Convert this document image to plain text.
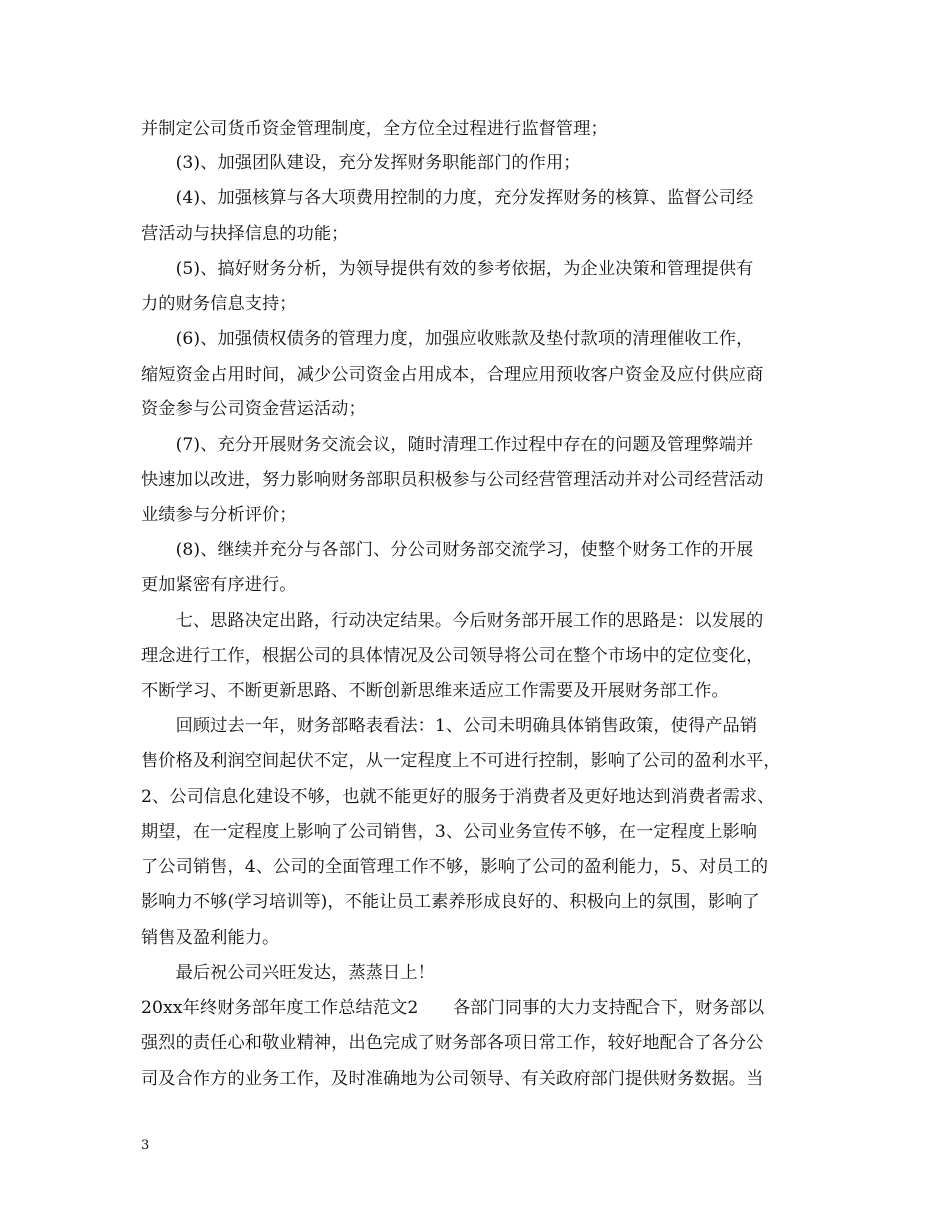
并制定公司货币资金管理制度，全方位全过程进行监督管理；
　　(3)、加强团队建设，充分发挥财务职能部门的作用；
　　(4)、加强核算与各大项费用控制的力度，充分发挥财务的核算、监督公司经
营活动与抉择信息的功能；
　　(5)、搞好财务分析，为领导提供有效的参考依据，为企业决策和管理提供有
力的财务信息支持；
　　(6)、加强债权债务的管理力度，加强应收账款及垫付款项的清理催收工作，
缩短资金占用时间，减少公司资金占用成本，合理应用预收客户资金及应付供应商
资金参与公司资金营运活动；
　　(7)、充分开展财务交流会议，随时清理工作过程中存在的问题及管理弊端并
快速加以改进，努力影响财务部职员积极参与公司经营管理活动并对公司经营活动
业绩参与分析评价；
　　(8)、继续并充分与各部门、分公司财务部交流学习，使整个财务工作的开展
更加紧密有序进行。
　　七、思路决定出路，行动决定结果。今后财务部开展工作的思路是：以发展的
理念进行工作，根据公司的具体情况及公司领导将公司在整个市场中的定位变化，
不断学习、不断更新思路、不断创新思维来适应工作需要及开展财务部工作。
　　回顾过去一年，财务部略表看法：1、公司未明确具体销售政策，使得产品销
售价格及利润空间起伏不定，从一定程度上不可进行控制，影响了公司的盈利水平，
2、公司信息化建设不够，也就不能更好的服务于消费者及更好地达到消费者需求、
期望，在一定程度上影响了公司销售，3、公司业务宣传不够，在一定程度上影响
了公司销售，4、公司的全面管理工作不够，影响了公司的盈利能力，5、对员工的
影响力不够(学习培训等)，不能让员工素养形成良好的、积极向上的氛围，影响了
销售及盈利能力。
　　最后祝公司兴旺发达，蒸蒸日上！
20xx年终财务部年度工作总结范文2　　各部门同事的大力支持配合下，财务部以
强烈的责任心和敬业精神，出色完成了财务部各项日常工作，较好地配合了各分公
司及合作方的业务工作，及时准确地为公司领导、有关政府部门提供财务数据。当
3
